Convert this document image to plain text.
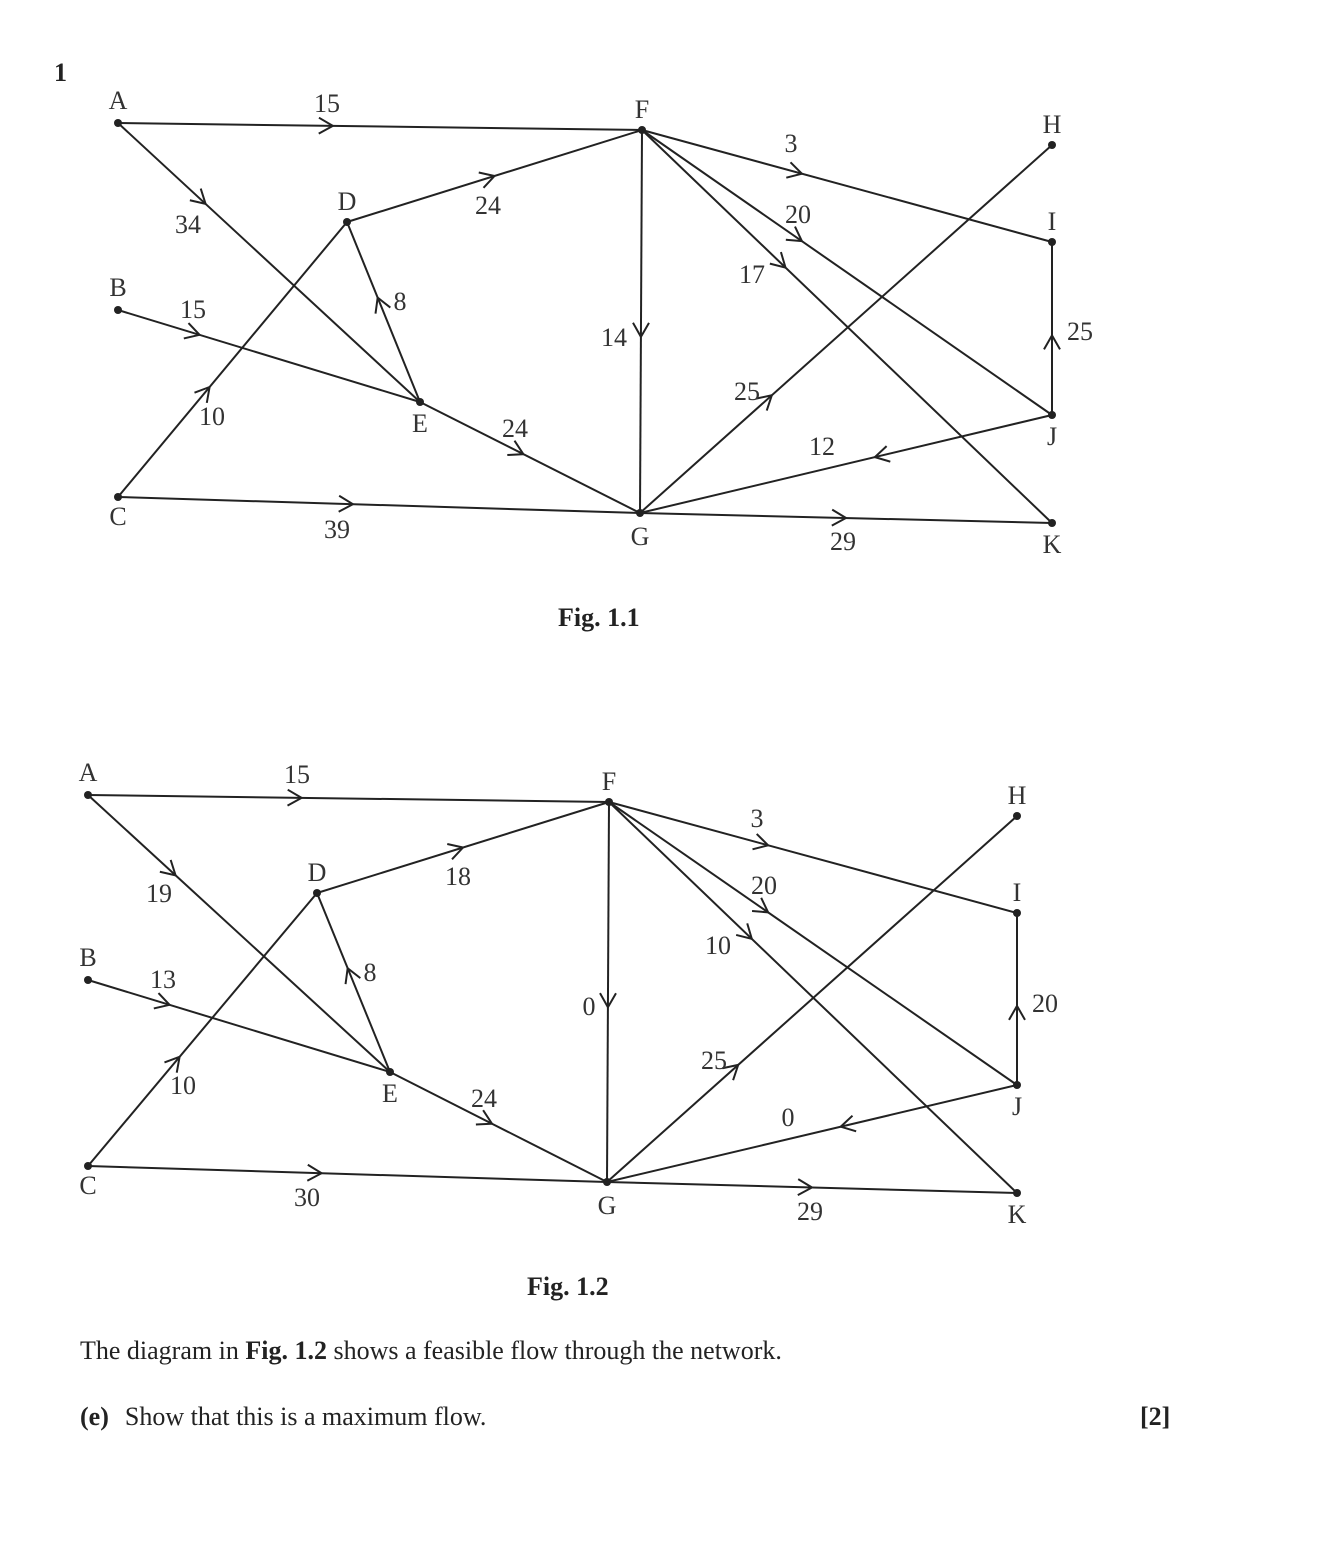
1
15
34
15
10
39
24
8
24
14
3
20
17
25
12
25
29
A
B
C
D
E
F
G
H
I
J
K
Fig. 1.1
15
19
13
10
30
18
8
24
0
3
20
10
25
0
20
29
A
B
C
D
E
F
G
H
I
J
K
Fig. 1.2
The diagram in Fig. 1.2 shows a feasible flow through the network.
(e) Show that this is a maximum flow.	[2]
